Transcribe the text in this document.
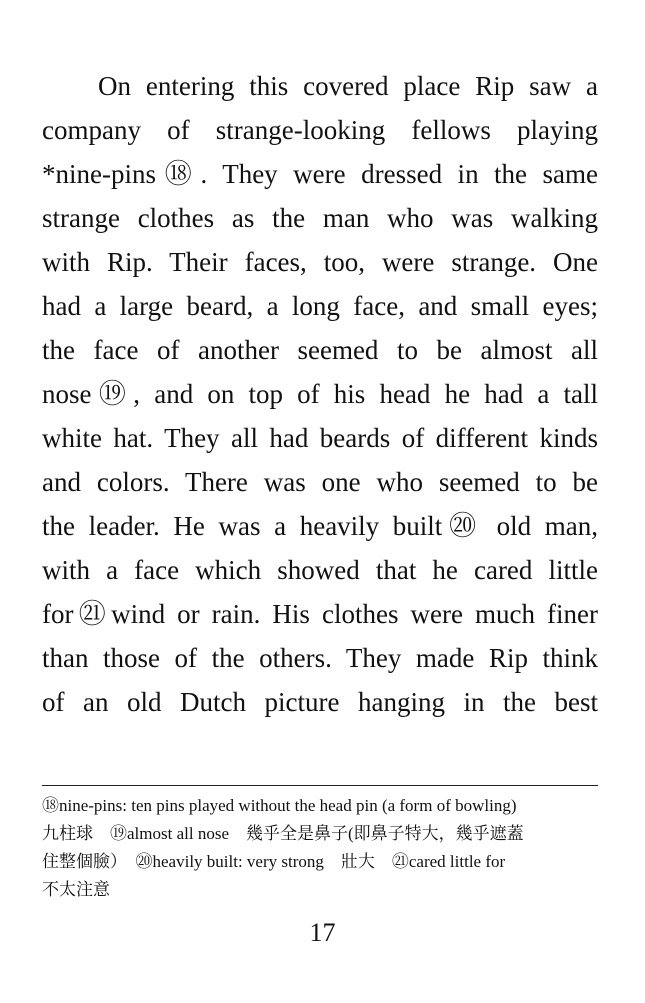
On entering this covered place Rip saw a
company of strange-looking fellows playing
*nine-pins⑱. They were dressed in the same
strange clothes as the man who was walking
with Rip. Their faces, too, were strange. One
had a large beard, a long face, and small eyes;
the face of another seemed to be almost all
nose⑲, and on top of his head he had a tall
white hat. They all had beards of different kinds
and colors. There was one who seemed to be
the leader. He was a heavily built⑳ old man,
with a face which showed that he cared little
for㉑wind or rain. His clothes were much finer
than those of the others. They made Rip think
of an old Dutch picture hanging in the best
⑱nine-pins: ten pins played without the head pin (a form of bowling)
九柱球　⑲almost all nose　幾乎全是鼻子(即鼻子特大，幾乎遮蓋
住整個臉）　⑳heavily built: very strong　壯大　㉑cared little for
不太注意
17
